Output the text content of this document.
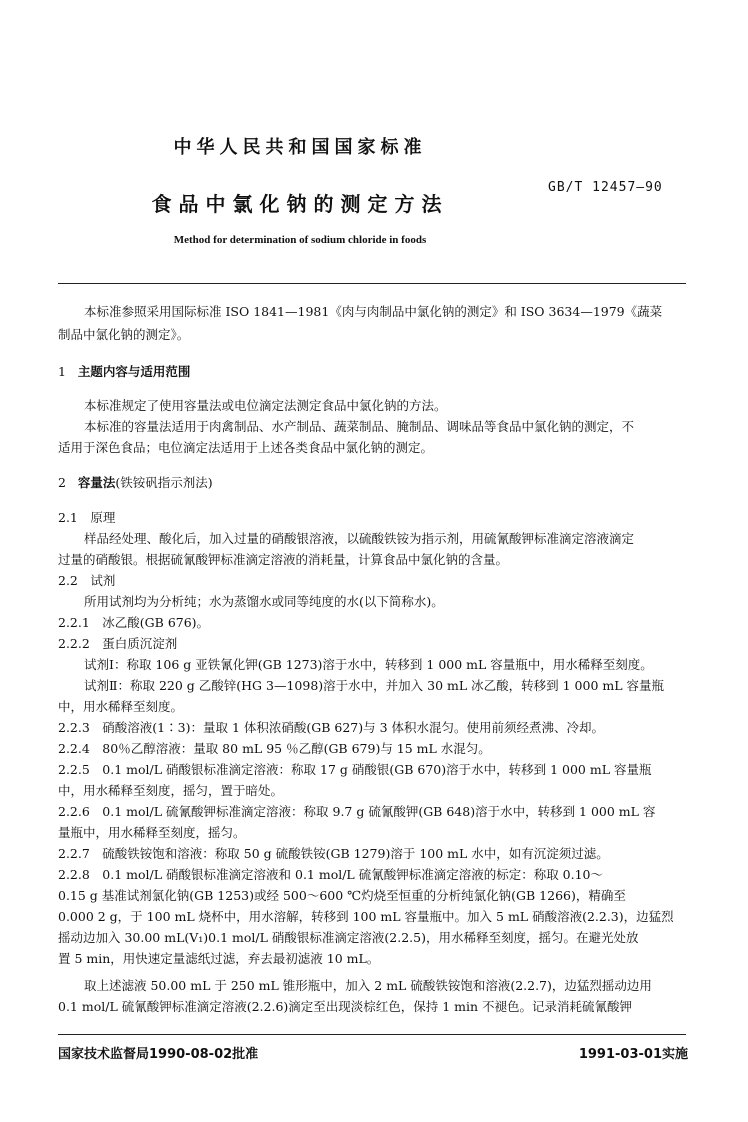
中华人民共和国国家标准
食品中氯化钠的测定方法
GB/T 12457—90
Method for determination of sodium chloride in foods
本标准参照采用国际标准 ISO 1841—1981《肉与肉制品中氯化钠的测定》和 ISO 3634—1979《蔬菜
制品中氯化钠的测定》。
1 主题内容与适用范围
本标准规定了使用容量法或电位滴定法测定食品中氯化钠的方法。
本标准的容量法适用于肉禽制品、水产制品、蔬菜制品、腌制品、调味品等食品中氯化钠的测定，不
适用于深色食品；电位滴定法适用于上述各类食品中氯化钠的测定。
2 容量法(铁铵矾指示剂法)
2.1　原理
样品经处理、酸化后，加入过量的硝酸银溶液，以硫酸铁铵为指示剂，用硫氰酸钾标准滴定溶液滴定
过量的硝酸银。根据硫氰酸钾标准滴定溶液的消耗量，计算食品中氯化钠的含量。
2.2　试剂
所用试剂均为分析纯；水为蒸馏水或同等纯度的水(以下简称水)。
2.2.1　冰乙酸(GB 676)。
2.2.2　蛋白质沉淀剂
试剂Ⅰ：称取 106 g 亚铁氰化钾(GB 1273)溶于水中，转移到 1 000 mL 容量瓶中，用水稀释至刻度。
试剂Ⅱ：称取 220 g 乙酸锌(HG 3—1098)溶于水中，并加入 30 mL 冰乙酸，转移到 1 000 mL 容量瓶
中，用水稀释至刻度。
2.2.3　硝酸溶液(1∶3)：量取 1 体积浓硝酸(GB 627)与 3 体积水混匀。使用前须经煮沸、冷却。
2.2.4　80％乙醇溶液：量取 80 mL 95 ％乙醇(GB 679)与 15 mL 水混匀。
2.2.5　0.1 mol/L 硝酸银标准滴定溶液：称取 17 g 硝酸银(GB 670)溶于水中，转移到 1 000 mL 容量瓶
中，用水稀释至刻度，摇匀，置于暗处。
2.2.6　0.1 mol/L 硫氰酸钾标准滴定溶液：称取 9.7 g 硫氰酸钾(GB 648)溶于水中，转移到 1 000 mL 容
量瓶中，用水稀释至刻度，摇匀。
2.2.7　硫酸铁铵饱和溶液：称取 50 g 硫酸铁铵(GB 1279)溶于 100 mL 水中，如有沉淀须过滤。
2.2.8　0.1 mol/L 硝酸银标准滴定溶液和 0.1 mol/L 硫氰酸钾标准滴定溶液的标定：称取 0.10～
0.15 g 基准试剂氯化钠(GB 1253)或经 500～600 ℃灼烧至恒重的分析纯氯化钠(GB 1266)，精确至
0.000 2 g，于 100 mL 烧杯中，用水溶解，转移到 100 mL 容量瓶中。加入 5 mL 硝酸溶液(2.2.3)，边猛烈
摇动边加入 30.00 mL(V₁)0.1 mol/L 硝酸银标准滴定溶液(2.2.5)，用水稀释至刻度，摇匀。在避光处放
置 5 min，用快速定量滤纸过滤，弃去最初滤液 10 mL。
取上述滤液 50.00 mL 于 250 mL 锥形瓶中，加入 2 mL 硫酸铁铵饱和溶液(2.2.7)，边猛烈摇动边用
0.1 mol/L 硫氰酸钾标准滴定溶液(2.2.6)滴定至出现淡棕红色，保持 1 min 不褪色。记录消耗硫氰酸钾
国家技术监督局1990-08-02批准	1991-03-01实施
